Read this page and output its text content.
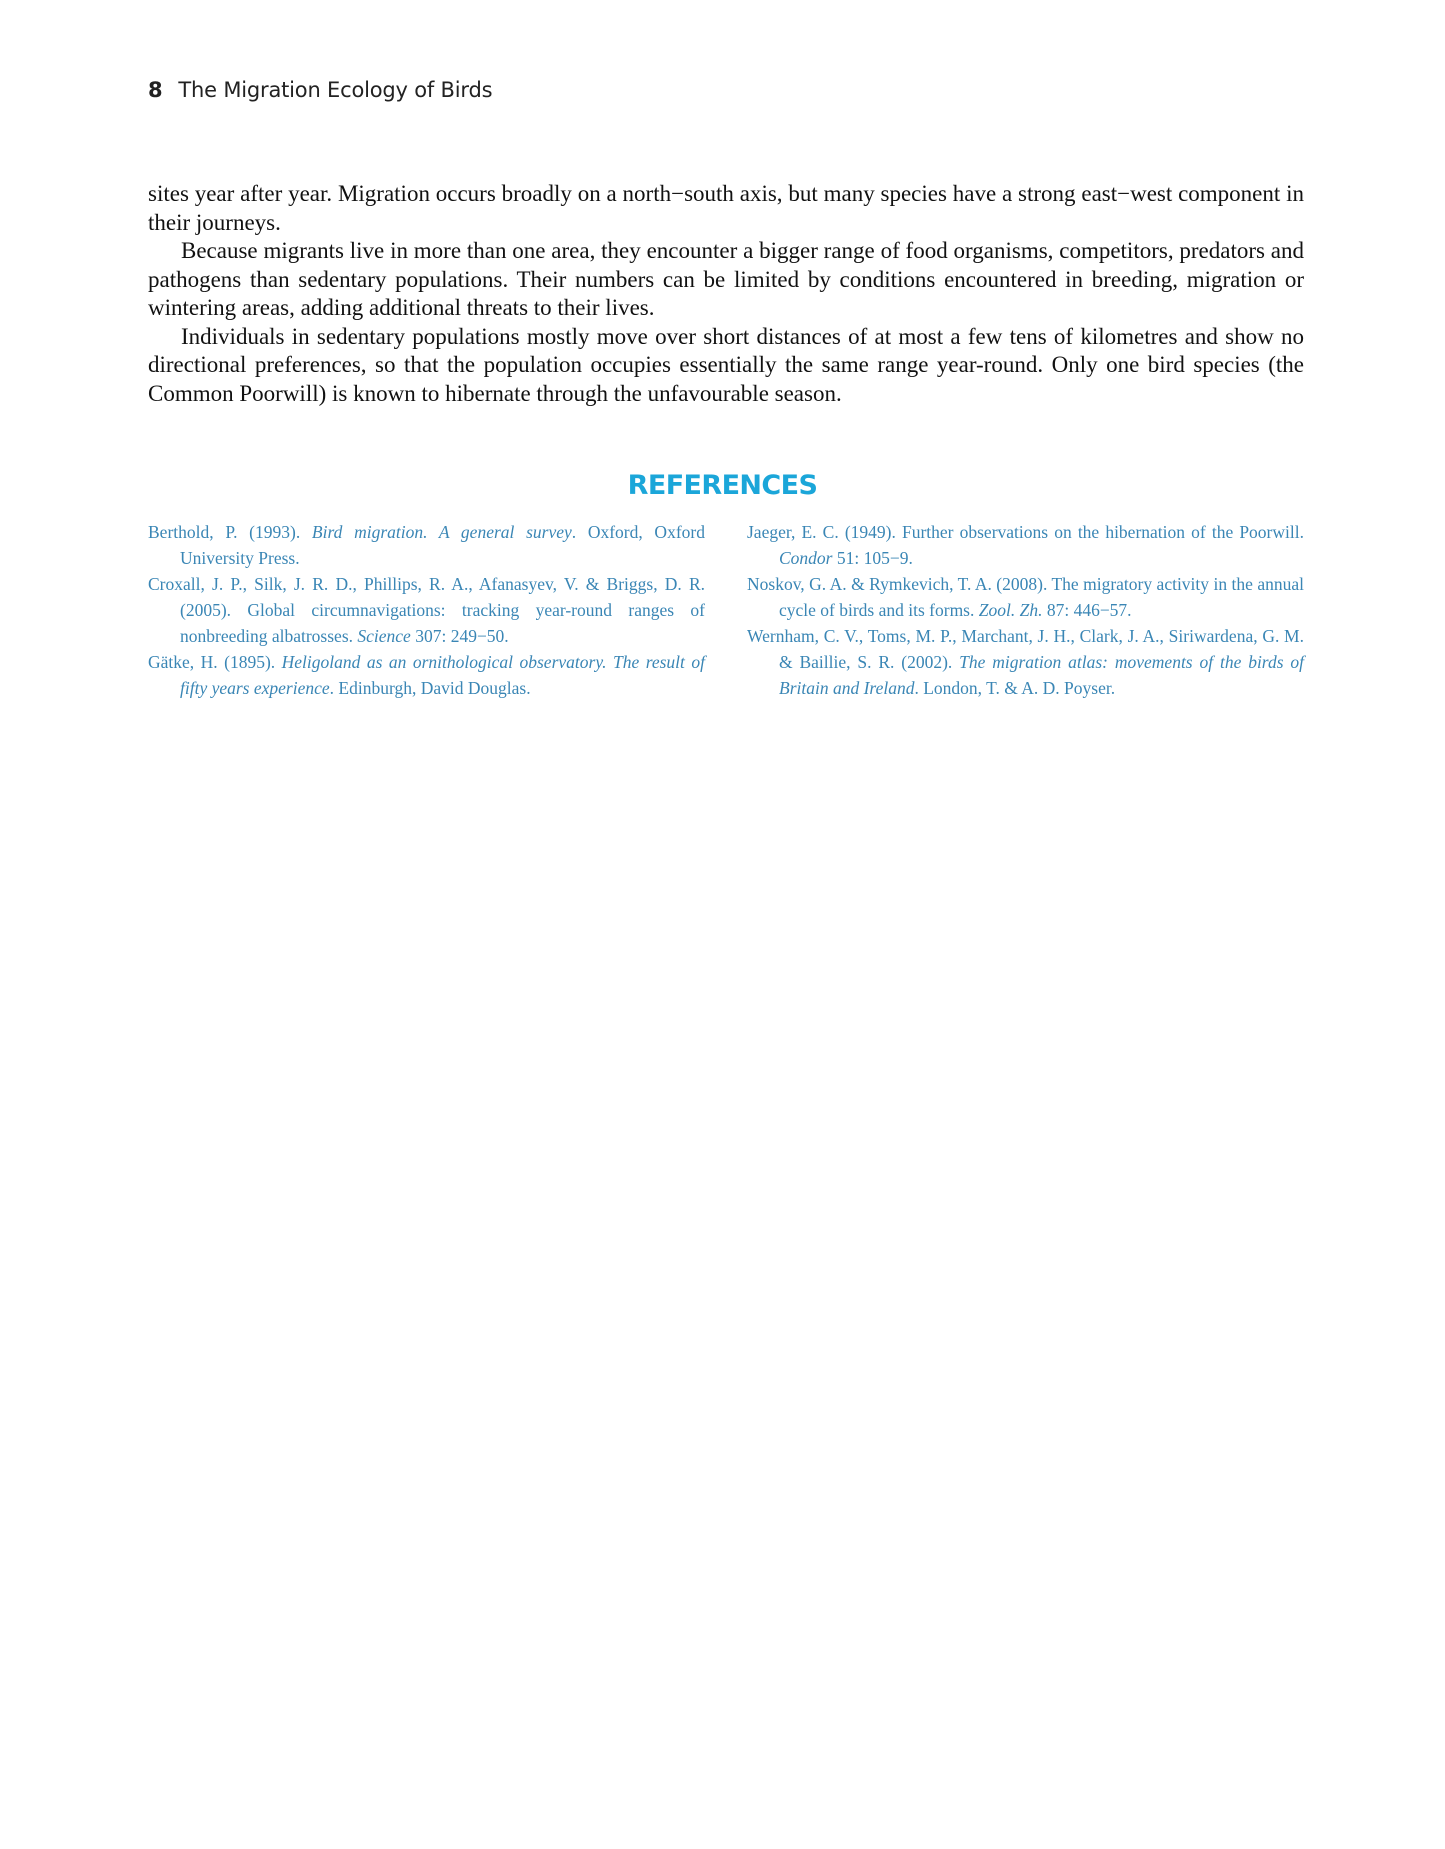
8 The Migration Ecology of Birds

sites year after year. Migration occurs broadly on a north−south axis, but many species have a strong east−west component in their journeys.

Because migrants live in more than one area, they encounter a bigger range of food organisms, competitors, predators and pathogens than sedentary populations. Their numbers can be limited by conditions encountered in breeding, migration or wintering areas, adding additional threats to their lives.

Individuals in sedentary populations mostly move over short distances of at most a few tens of kilometres and show no directional preferences, so that the population occupies essentially the same range year-round. Only one bird species (the Common Poorwill) is known to hibernate through the unfavourable season.

REFERENCES

Berthold, P. (1993). Bird migration. A general survey. Oxford, Oxford University Press.

Croxall, J. P., Silk, J. R. D., Phillips, R. A., Afanasyev, V. & Briggs, D. R. (2005). Global circumnavigations: tracking year-round ranges of nonbreeding albatrosses. Science 307: 249−50.

Gätke, H. (1895). Heligoland as an ornithological observatory. The result of fifty years experience. Edinburgh, David Douglas.

Jaeger, E. C. (1949). Further observations on the hibernation of the Poorwill. Condor 51: 105−9.

Noskov, G. A. & Rymkevich, T. A. (2008). The migratory activity in the annual cycle of birds and its forms. Zool. Zh. 87: 446−57.

Wernham, C. V., Toms, M. P., Marchant, J. H., Clark, J. A., Siriwardena, G. M. & Baillie, S. R. (2002). The migration atlas: movements of the birds of Britain and Ireland. London, T. & A. D. Poyser.
